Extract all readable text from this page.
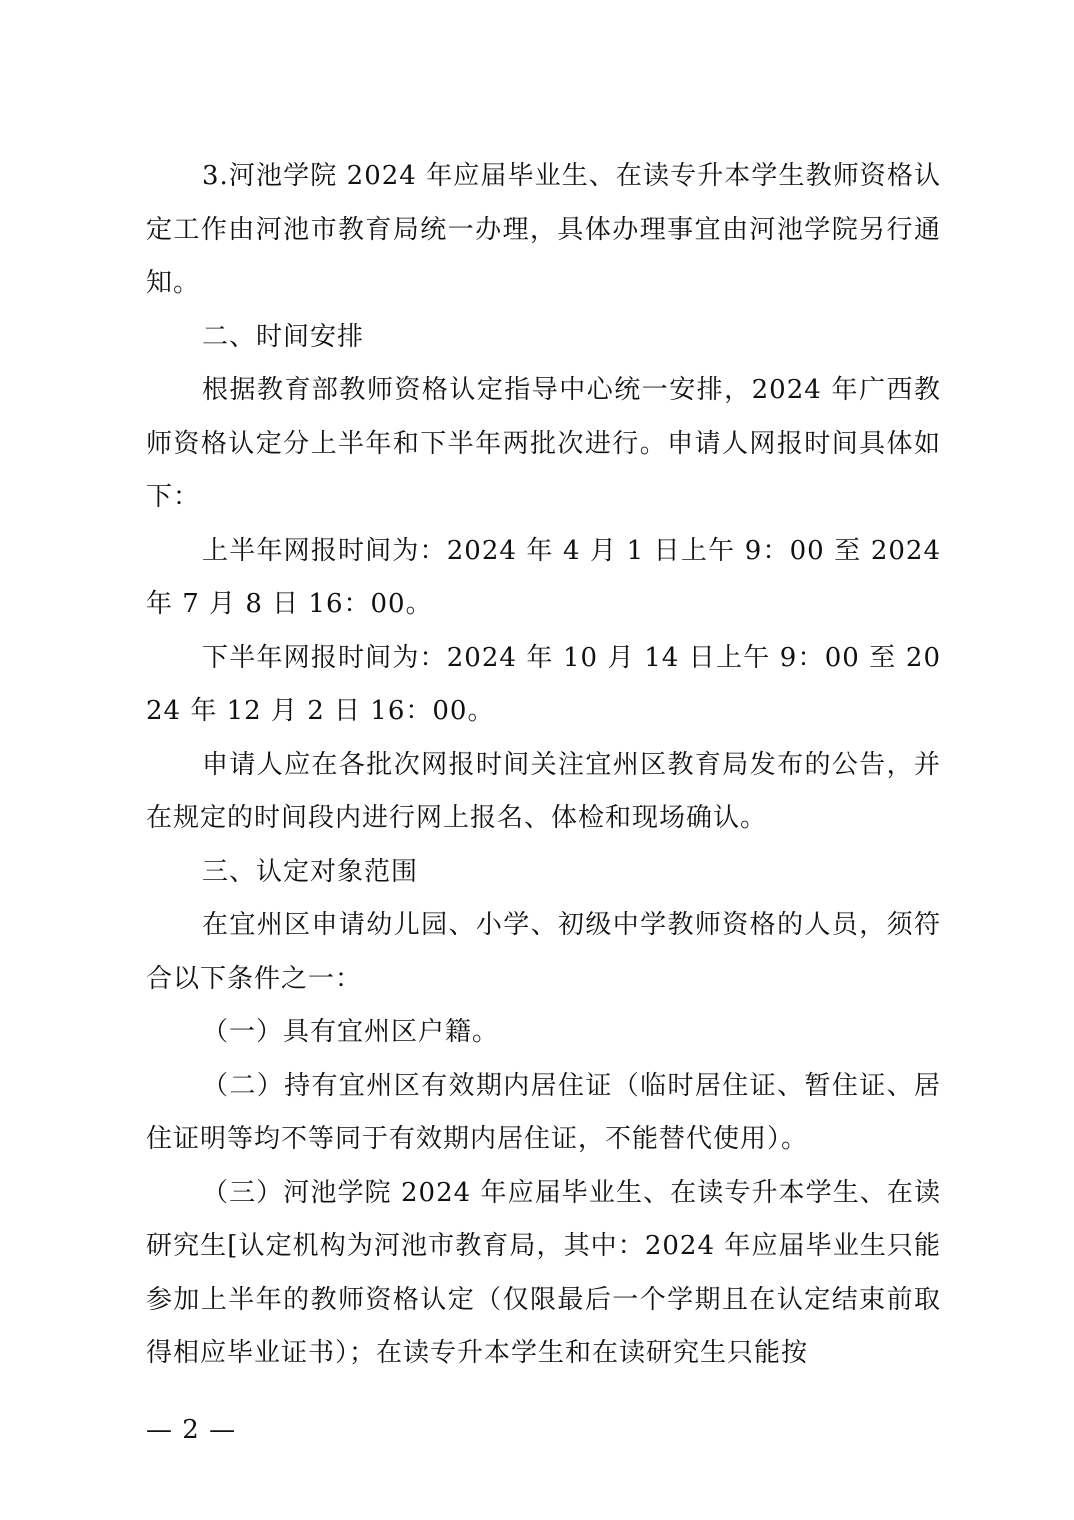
3.河池学院 2024 年应届毕业生、在读专升本学生教师资格认定工作由河池市教育局统一办理，具体办理事宜由河池学院另行通知。

二、时间安排

根据教育部教师资格认定指导中心统一安排，2024 年广西教师资格认定分上半年和下半年两批次进行。申请人网报时间具体如下：

上半年网报时间为：2024 年 4 月 1 日上午 9：00 至 2024 年 7 月 8 日 16：00。

下半年网报时间为：2024 年 10 月 14 日上午 9：00 至 2024 年 12 月 2 日 16：00。

申请人应在各批次网报时间关注宜州区教育局发布的公告，并在规定的时间段内进行网上报名、体检和现场确认。

三、认定对象范围

在宜州区申请幼儿园、小学、初级中学教师资格的人员，须符合以下条件之一：

（一）具有宜州区户籍。

（二）持有宜州区有效期内居住证（临时居住证、暂住证、居住证明等均不等同于有效期内居住证，不能替代使用）。

（三）河池学院 2024 年应届毕业生、在读专升本学生、在读研究生[认定机构为河池市教育局，其中：2024 年应届毕业生只能参加上半年的教师资格认定（仅限最后一个学期且在认定结束前取得相应毕业证书）；在读专升本学生和在读研究生只能按

— 2 —
